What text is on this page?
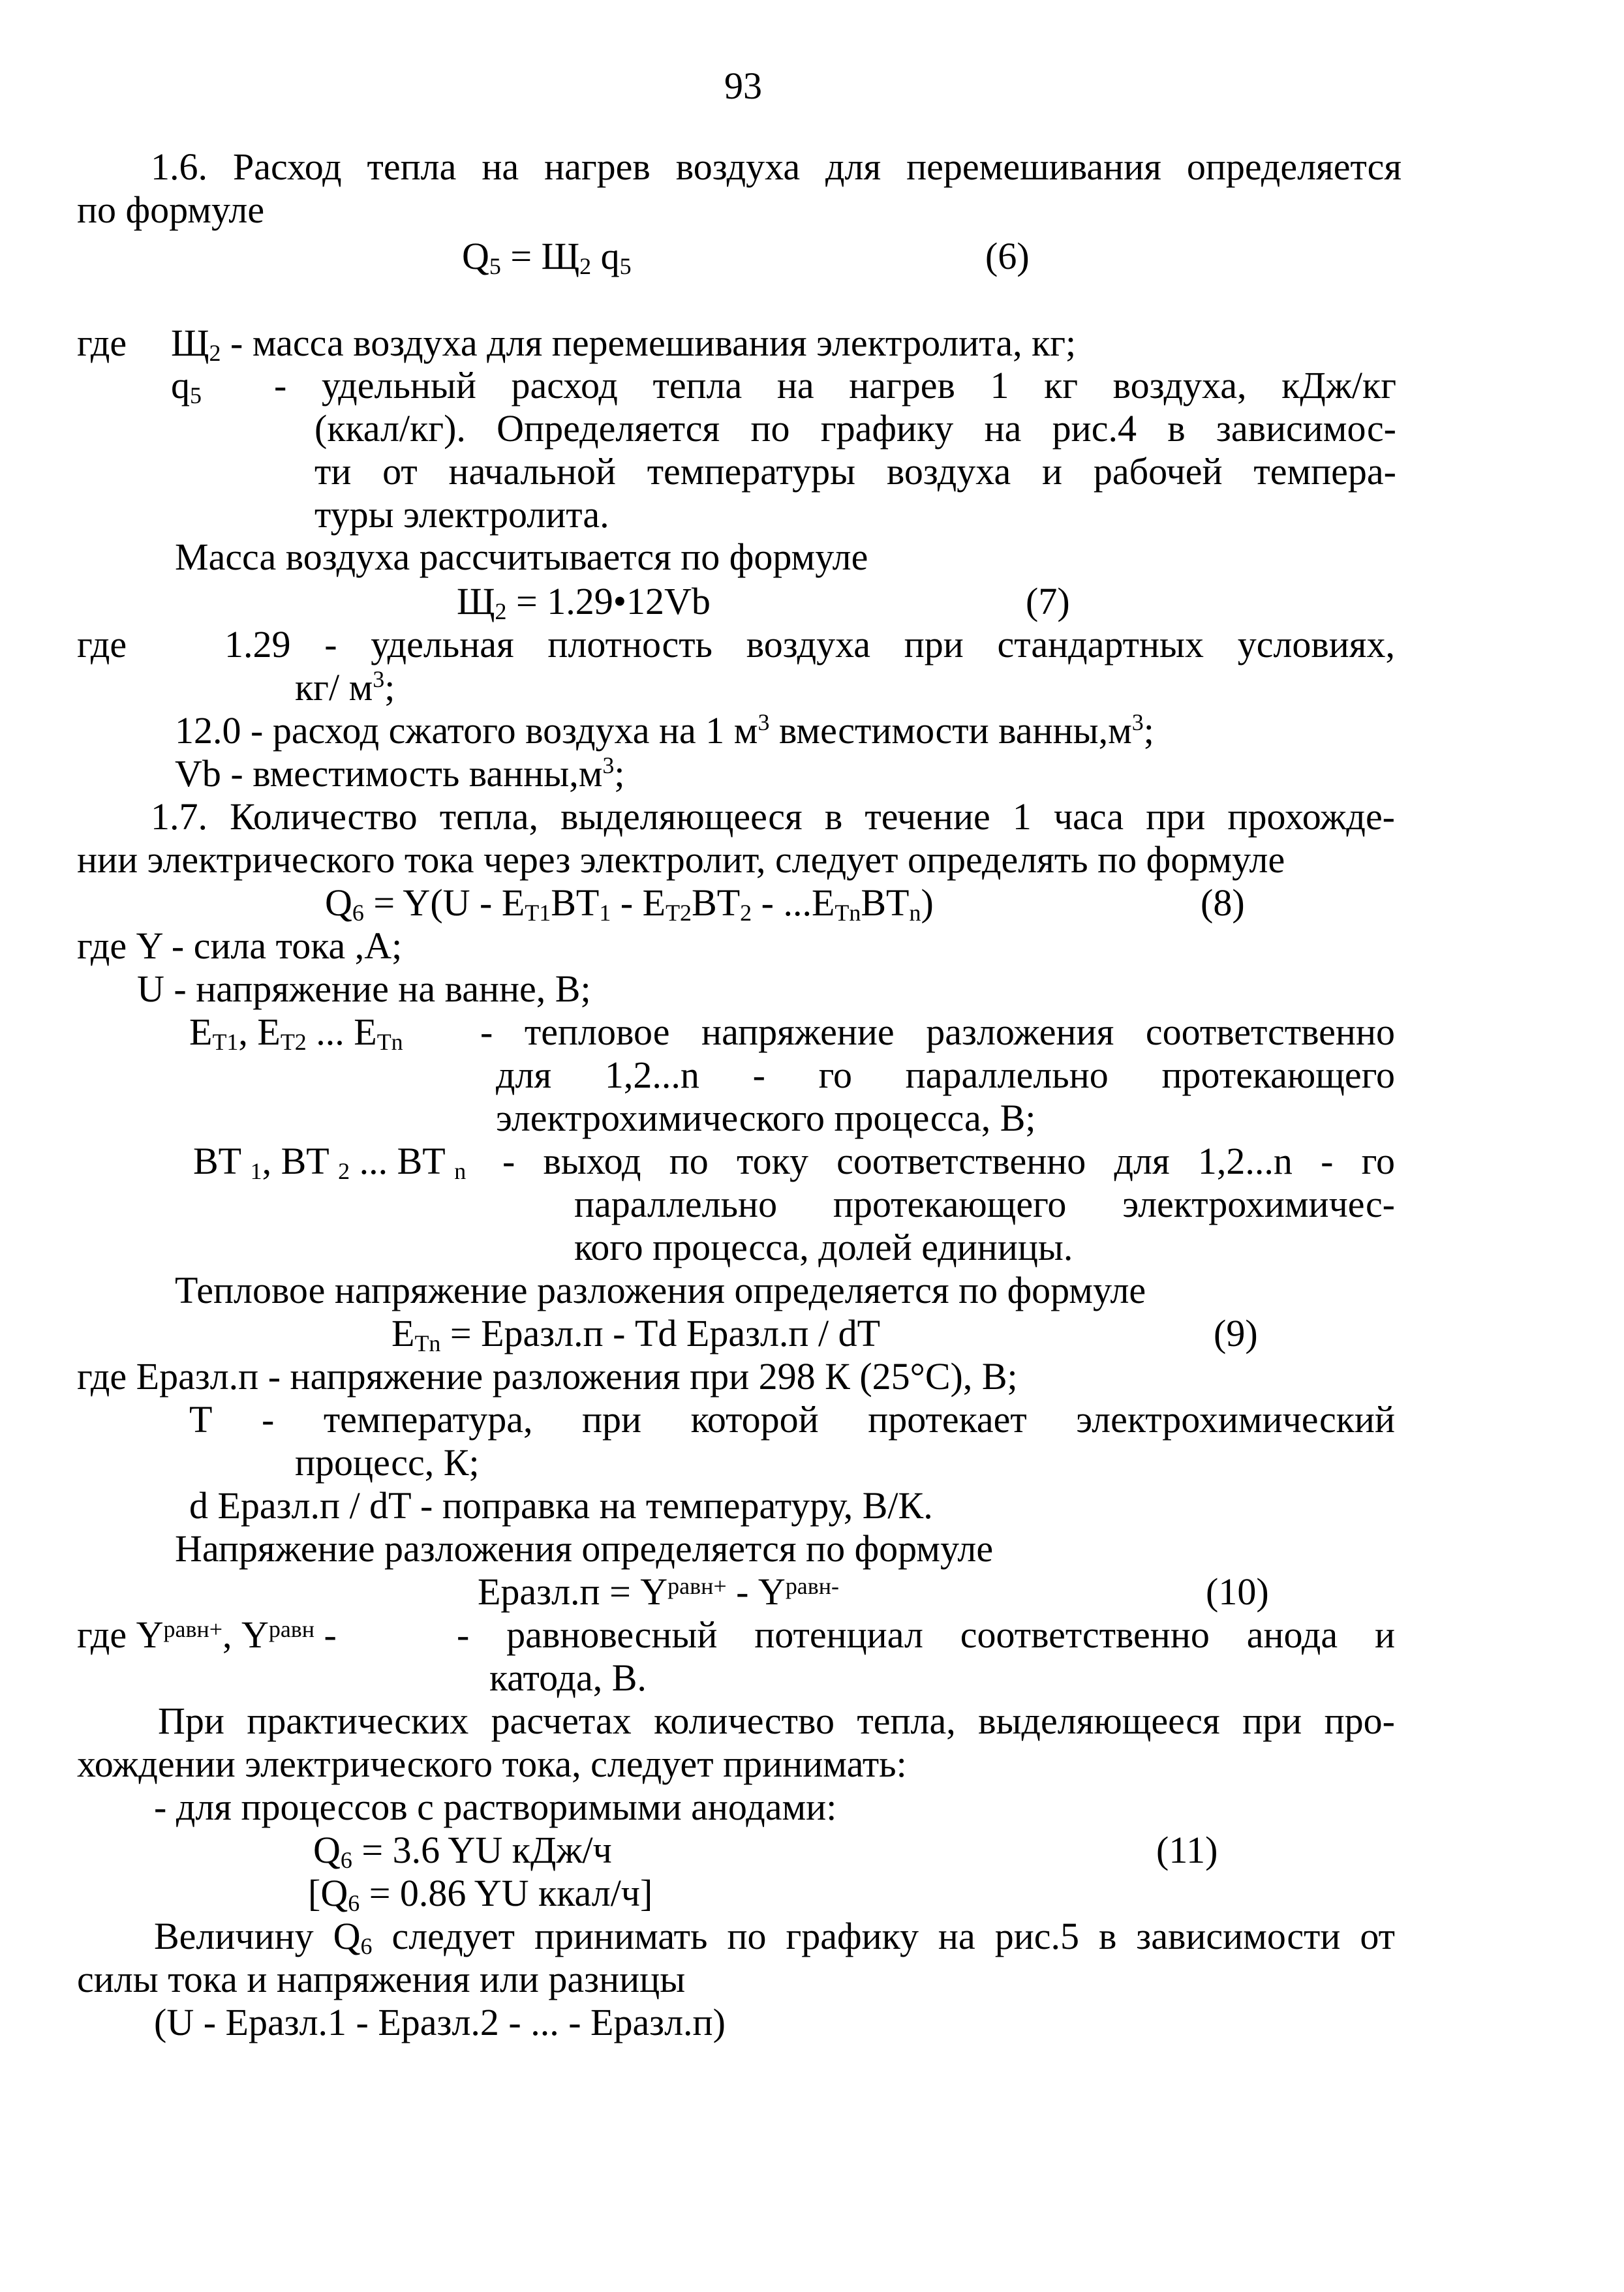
93
1.6. Расход тепла на нагрев воздуха для перемешивания определяется
по формуле
$Q_5 = Щ_2$ $q_5$	(6)
где $Щ_2$ - масса воздуха для перемешивания электролита, кг;
$q_5$ - удельный расход тепла на нагрев 1 кг воздуха, кДж/кг
(ккал/кг). Определяется по графику на рис.4 в зависимос-
ти от начальной температуры воздуха и рабочей темпера-
туры электролита.
Масса воздуха рассчитывается по формуле
$Щ_2$ = 1.29•12Vb	(7)
где	1.29 - удельная плотность воздуха при стандартных условиях,
кг/ $м^3$;
12.0 - расход сжатого воздуха на 1 $м^3$ вместимости $ванны,м^3$;
Vb - вместимость $ванны,м^3$;
1.7. Количество тепла, выделяющееся в течение 1 часа при прохожде-
нии электрического тока через электролит, следует определять по формуле
$Q_6 = Y(U - E_{T1}BT_1 - E_{T2}BT_2 - ...E_{Tn}BT_n)$	(8)
где Y - сила тока ,А;
U - напряжение на ванне, В;
$E_{T1}$, $E_{T2}$ ... $E_{Tn}$ - тепловое напряжение разложения соответственно
для 1,2...n - го параллельно протекающего
электрохимического процесса, В;
BT $_1$, BT $_2$ ... BT $_n$ - выход по току соответственно для 1,2...n - го
параллельно протекающего электрохимичес-
кого процесса, долей единицы.
Тепловое напряжение разложения определяется по формуле
$E_{Tn}$ = Eразл.п - Td Eразл.п / dT	(9)
где Eразл.п - напряжение разложения при 298 К (25°С), В;
Т - температура, при которой протекает электрохимический
процесс, К;
d Eразл.п / dT - поправка на температуру, В/К.
Напряжение разложения определяется по формуле
Eразл.п = $Y^{равн+} - Y^{равн-}$	(10)
где $Y^{равн+}$, $Y^{равн}$ -	- равновесный потенциал соответственно анода и
катода, В.
При практических расчетах количество тепла, выделяющееся при про-
хождении электрического тока, следует принимать:
- для процессов с растворимыми анодами:
$Q_6 = 3.6$ YU кДж/ч	(11)
[$Q_6 = 0.86$ YU ккал/ч]
Величину $Q_6$ следует принимать по графику на рис.5 в зависимости от
силы тока и напряжения или разницы
(U - Eразл.1 - Eразл.2 - ... - Eразл.п)
